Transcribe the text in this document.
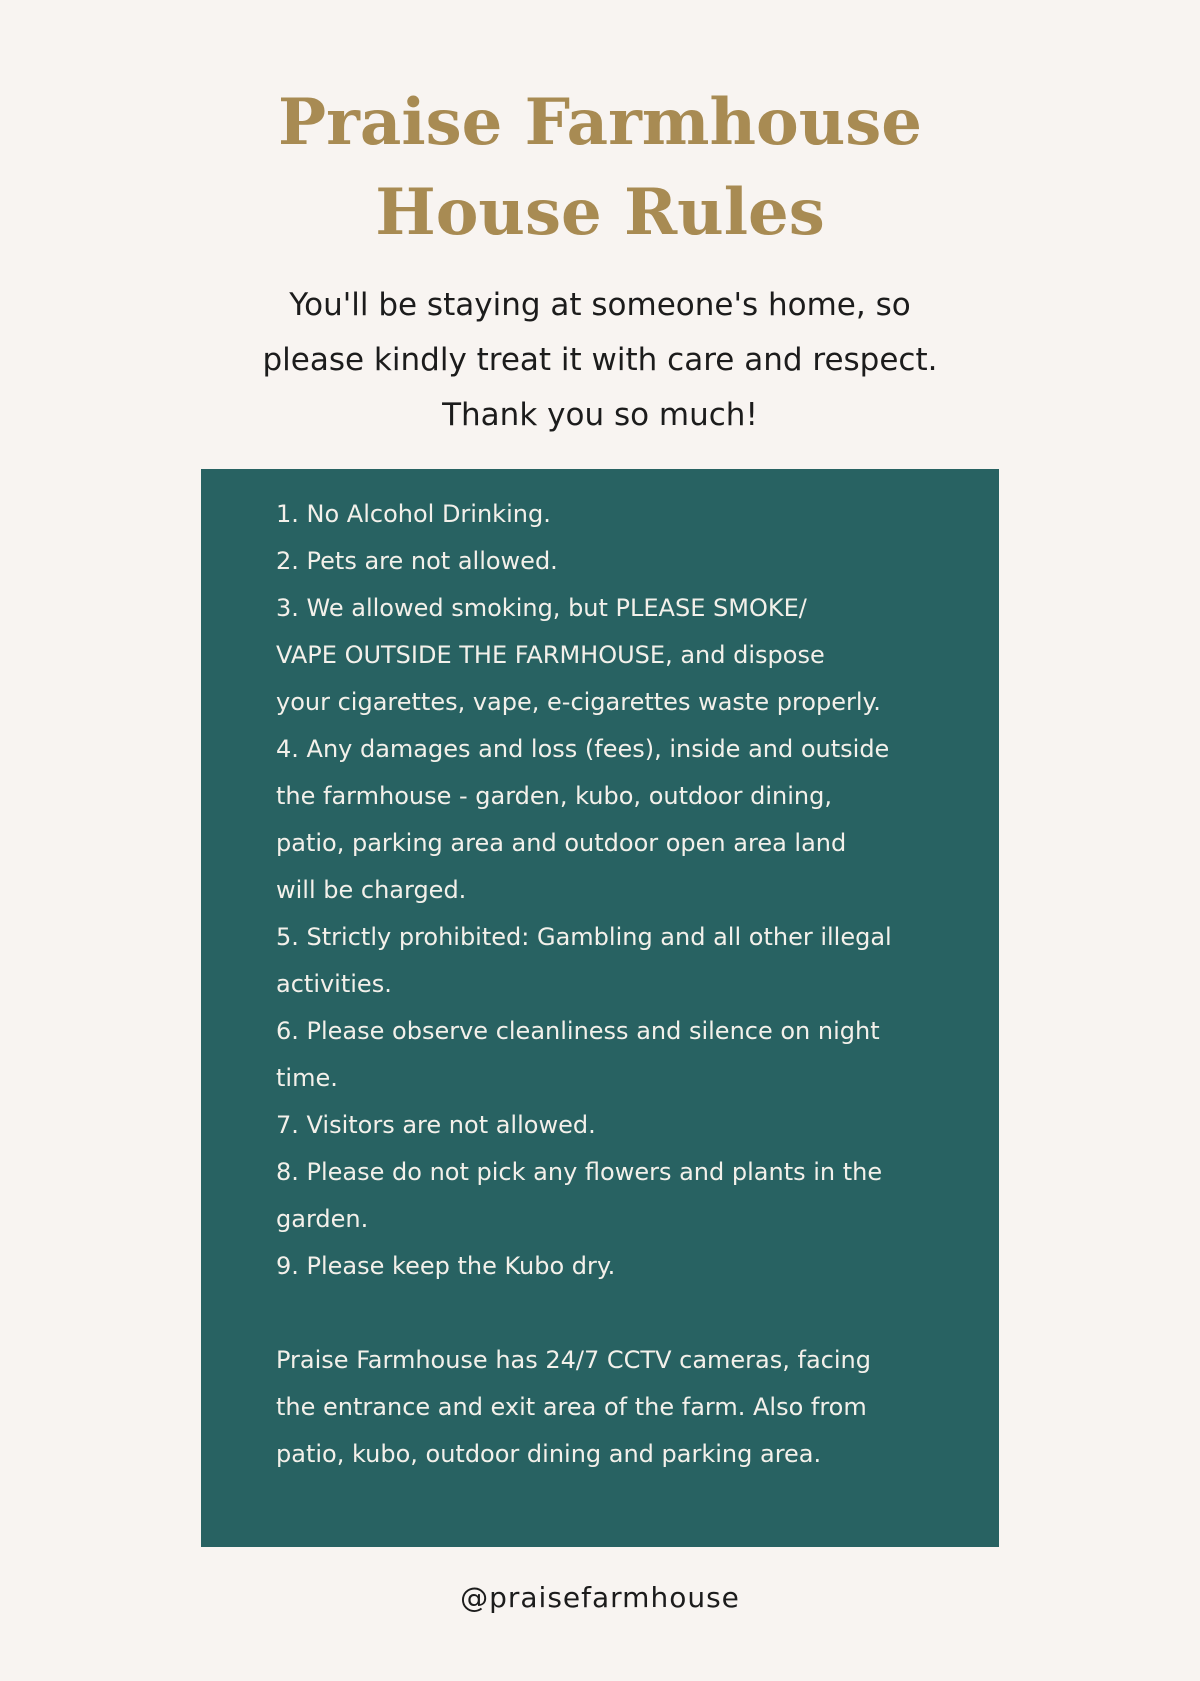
Praise Farmhouse
House Rules
You'll be staying at someone's home, so
please kindly treat it with care and respect.
Thank you so much!
1. No Alcohol Drinking.
2. Pets are not allowed.
3. We allowed smoking, but PLEASE SMOKE/
VAPE OUTSIDE THE FARMHOUSE, and dispose
your cigarettes, vape, e-cigarettes waste properly.
4. Any damages and loss (fees), inside and outside
the farmhouse - garden, kubo, outdoor dining,
patio, parking area and outdoor open area land
will be charged.
5. Strictly prohibited: Gambling and all other illegal
activities.
6. Please observe cleanliness and silence on night
time.
7. Visitors are not allowed.
8. Please do not pick any flowers and plants in the
garden.
9. Please keep the Kubo dry.
Praise Farmhouse has 24/7 CCTV cameras, facing
the entrance and exit area of the farm. Also from
patio, kubo, outdoor dining and parking area.
@praisefarmhouse
